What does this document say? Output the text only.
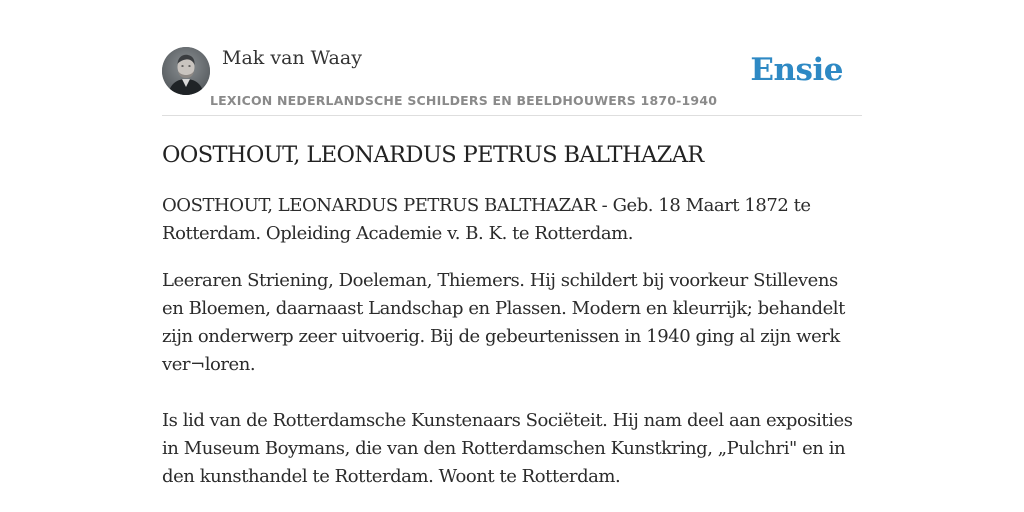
Mak van Waay
LEXICON NEDERLANDSCHE SCHILDERS EN BEELDHOUWERS 1870-1940
Ensie
OOSTHOUT, LEONARDUS PETRUS BALTHAZAR

OOSTHOUT, LEONARDUS PETRUS BALTHAZAR - Geb. 18 Maart 1872 te Rotterdam. Opleiding Academie v. B. K. te Rotterdam.

Leeraren Striening, Doeleman, Thiemers. Hij schildert bij voorkeur Stillevens en Bloemen, daarnaast Landschap en Plassen. Modern en kleurrijk; behandelt zijn onderwerp zeer uitvoerig. Bij de gebeurtenissen in 1940 ging al zijn werk ver¬loren.

Is lid van de Rotterdamsche Kunstenaars Sociëteit. Hij nam deel aan exposities in Museum Boymans, die van den Rotterdamschen Kunstkring, „Pulchri" en in den kunsthandel te Rotterdam. Woont te Rotterdam.
